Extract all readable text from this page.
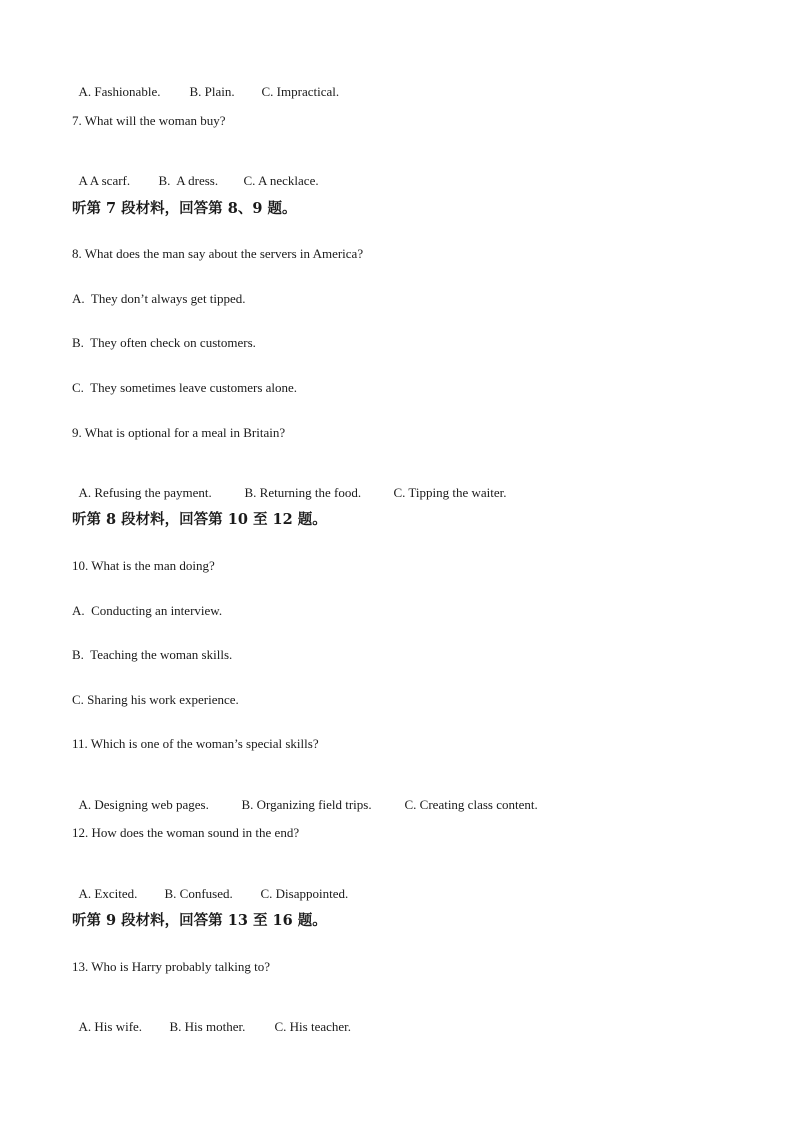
A. Fashionable. B. Plain. C. Impractical.

7. What will the woman buy?

A A scarf. B.  A dress. C. A necklace.

听第 7 段材料，回答第 8、9 题。
8. What does the man say about the servers in America?
A.  They don’t always get tipped.
B.  They often check on customers.
C.  They sometimes leave customers alone.
9. What is optional for a meal in Britain?

A. Refusing the payment.	B. Returning the food. C. Tipping the waiter.

听第 8 段材料，回答第 10 至 12 题。
10. What is the man doing?
A.  Conducting an interview.
B.  Teaching the woman skills.
C. Sharing his work experience.
11. Which is one of the woman’s special skills?

A. Designing web pages.	B. Organizing field trips.	C. Creating class content.

12. How does the woman sound in the end?

A. Excited. B. Confused. C. Disappointed.

听第 9 段材料，回答第 13 至 16 题。
13. Who is Harry probably talking to?

A. His wife. B. His mother. C. His teacher.
